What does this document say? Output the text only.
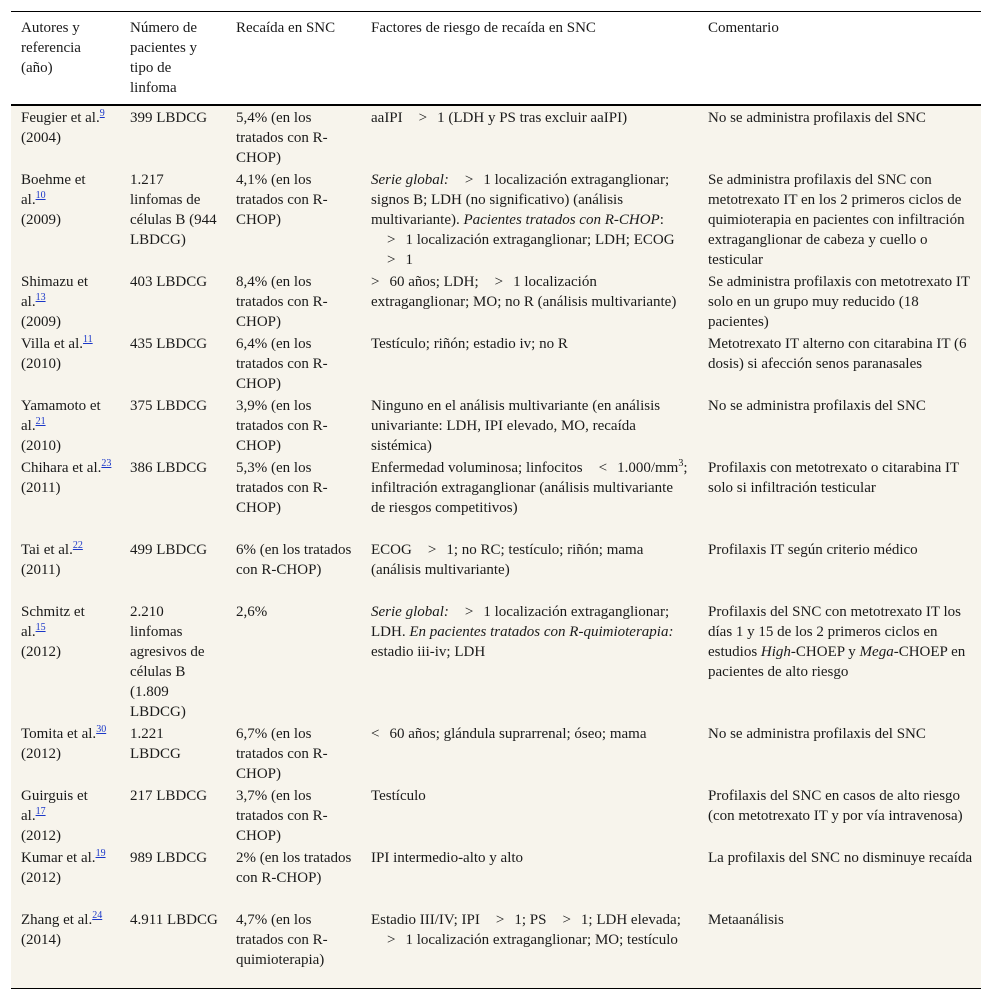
Autores y referencia (año)	Número de pacientes y tipo de linfoma	Recaída en SNC	Factores de riesgo de recaída en SNC	Comentario
Feugier et al.$^9$
(2004)	399 LBDCG	5,4% (en los tratados con R-CHOP)	aaIPI > 1 (LDH y PS tras excluir aaIPI)	No se administra profilaxis del SNC
Boehme et al.$^{10}$
(2009)	1.217 linfomas de células B (944 LBDCG)	4,1% (en los tratados con R-CHOP)	Serie global: > 1 localización extraganglionar; signos B; LDH (no significativo) (análisis multivariante). Pacientes tratados con R-CHOP:> 1 localización extraganglionar; LDH; ECOG> 1	Se administra profilaxis del SNC con metotrexato IT en los 2 primeros ciclos de quimioterapia en pacientes con infiltración extraganglionar de cabeza y cuello o testicular
Shimazu et al.$^{13}$
(2009)	403 LBDCG	8,4% (en los tratados con R-CHOP)	> 60 años; LDH; > 1 localización extraganglionar; MO; no R (análisis multivariante)	Se administra profilaxis con metotrexato IT solo en un grupo muy reducido (18 pacientes)
Villa et al.$^{11}$
(2010)	435 LBDCG	6,4% (en los tratados con R-CHOP)	Testículo; riñón; estadio iv; no R	Metotrexato IT alterno con citarabina IT (6 dosis) si afección senos paranasales
Yamamoto et al.$^{21}$
(2010)	375 LBDCG	3,9% (en los tratados con R-CHOP)	Ninguno en el análisis multivariante (en análisis univariante: LDH, IPI elevado, MO, recaída sistémica)	No se administra profilaxis del SNC
Chihara et al.$^{23}$
(2011)	386 LBDCG	5,3% (en los tratados con R-CHOP)	Enfermedad voluminosa; linfocitos < $1.000/mm^3$; infiltración extraganglionar (análisis multivariante de riesgos competitivos)	Profilaxis con metotrexato o citarabina IT solo si infiltración testicular
Tai et al.$^{22}$
(2011)	499 LBDCG	6% (en los tratados con R-CHOP)	ECOG > 1; no RC; testículo; riñón; mama (análisis multivariante)	Profilaxis IT según criterio médico
Schmitz et al.$^{15}$
(2012)	2.210 linfomas agresivos de células B (1.809 LBDCG)	2,6%	Serie global: > 1 localización extraganglionar; LDH. En pacientes tratados con R-quimioterapia: estadio iii-iv; LDH	Profilaxis del SNC con metotrexato IT los días 1 y 15 de los 2 primeros ciclos en estudios High-CHOEP y Mega-CHOEP en pacientes de alto riesgo
Tomita et al.$^{30}$
(2012)	1.221 LBDCG	6,7% (en los tratados con R-CHOP)	< 60 años; glándula suprarrenal; óseo; mama	No se administra profilaxis del SNC
Guirguis et al.$^{17}$
(2012)	217 LBDCG	3,7% (en los tratados con R-CHOP)	Testículo	Profilaxis del SNC en casos de alto riesgo (con metotrexato IT y por vía intravenosa)
Kumar et al.$^{19}$
(2012)	989 LBDCG	2% (en los tratados con R-CHOP)	IPI intermedio-alto y alto	La profilaxis del SNC no disminuye recaída
Zhang et al.$^{24}$
(2014)	4.911 LBDCG	4,7% (en los tratados con R-quimioterapia)	Estadio III/IV; IPI > 1; PS > 1; LDH elevada;> 1 localización extraganglionar; MO; testículo	Metaanálisis
